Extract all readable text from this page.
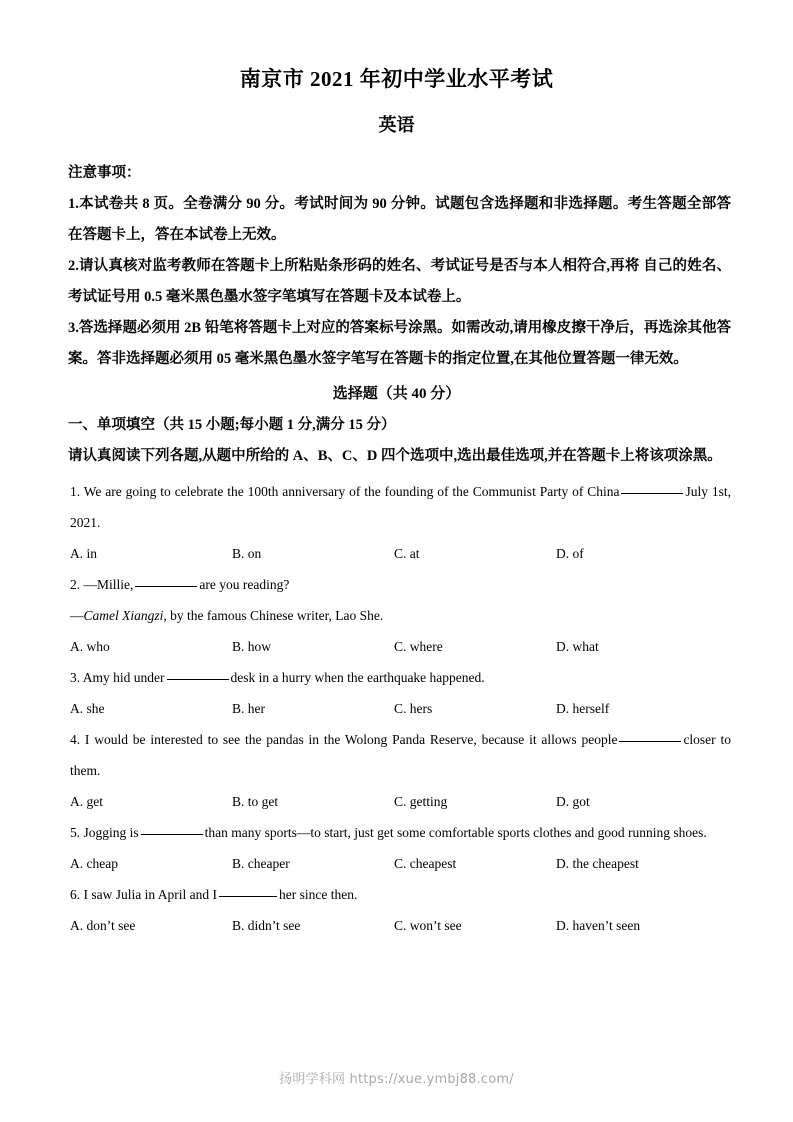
南京市 2021 年初中学业水平考试
英语
注意事项：
1.本试卷共 8 页。全卷满分 90 分。考试时间为 90 分钟。试题包含选择题和非选择题。考生答题全部答在答题卡上，答在本试卷上无效。
2.请认真核对监考教师在答题卡上所粘贴条形码的姓名、考试证号是否与本人相符合,再将 自己的姓名、考试证号用 0.5 毫米黑色墨水签字笔填写在答题卡及本试卷上。
3.答选择题必须用 2B 铅笔将答题卡上对应的答案标号涂黑。如需改动,请用橡皮擦干净后，再选涂其他答案。答非选择题必须用 05 毫米黑色墨水签字笔写在答题卡的指定位置,在其他位置答题一律无效。
选择题（共 40 分）
一、单项填空（共 15 小题;每小题 1 分,满分 15 分）
请认真阅读下列各题,从题中所给的 A、B、C、D 四个选项中,选出最佳选项,并在答题卡上将该项涂黑。
1. We are going to celebrate the 100th anniversary of the founding of the Communist Party of China	July 1st, 2021.
A. in	B. on	C. at	D. of
2. —Millie,	are you reading?
—Camel Xiangzi, by the famous Chinese writer, Lao She.
A. who	B. how	C. where	D. what
3. Amy hid under	desk in a hurry when the earthquake happened.
A. she	B. her	C. hers	D. herself
4. I would be interested to see the pandas in the Wolong Panda Reserve, because it allows people	closer to them.
A. get	B. to get	C. getting	D. got
5. Jogging is	than many sports—to start, just get some comfortable sports clothes and good running shoes.
A. cheap	B. cheaper	C. cheapest	D. the cheapest
6. I saw Julia in April and I	her since then.
A. don’t see	B. didn’t see	C. won’t see	D. haven’t seen
扬明学科网 https://xue.ymbj88.com/
